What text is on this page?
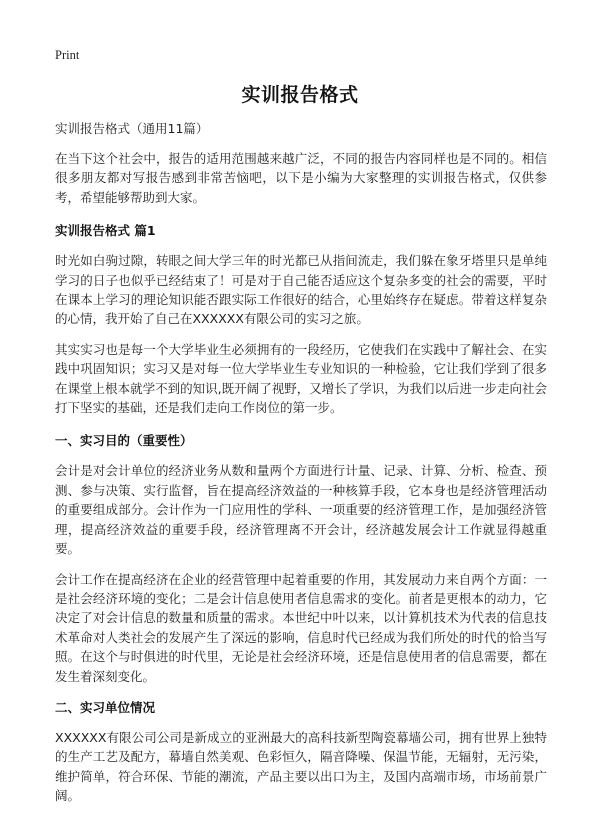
Print
实训报告格式
实训报告格式（通用11篇）

在当下这个社会中，报告的适用范围越来越广泛，不同的报告内容同样也是不同的。相信很多朋友都对写报告感到非常苦恼吧，以下是小编为大家整理的实训报告格式，仅供参考，希望能够帮助到大家。

实训报告格式 篇1

时光如白驹过隙，转眼之间大学三年的时光都已从指间流走，我们躲在象牙塔里只是单纯学习的日子也似乎已经结束了！可是对于自己能否适应这个复杂多变的社会的需要，平时在课本上学习的理论知识能否跟实际工作很好的结合，心里始终存在疑虑。带着这样复杂的心情，我开始了自己在XXXXXX有限公司的实习之旅。

其实实习也是每一个大学毕业生必须拥有的一段经历，它使我们在实践中了解社会、在实践中巩固知识；实习又是对每一位大学毕业生专业知识的一种检验，它让我们学到了很多在课堂上根本就学不到的知识,既开阔了视野，又增长了学识，为我们以后进一步走向社会打下坚实的基础，还是我们走向工作岗位的第一步。

一、实习目的（重要性）

会计是对会计单位的经济业务从数和量两个方面进行计量、记录、计算、分析、检查、预测、参与决策、实行监督，旨在提高经济效益的一种核算手段，它本身也是经济管理活动的重要组成部分。会计作为一门应用性的学科、一项重要的经济管理工作，是加强经济管理，提高经济效益的重要手段，经济管理离不开会计，经济越发展会计工作就显得越重要。

会计工作在提高经济在企业的经营管理中起着重要的作用，其发展动力来自两个方面：一是社会经济环境的变化；二是会计信息使用者信息需求的变化。前者是更根本的动力，它决定了对会计信息的数量和质量的需求。本世纪中叶以来，以计算机技术为代表的信息技术革命对人类社会的发展产生了深远的影响，信息时代已经成为我们所处的时代的恰当写照。在这个与时俱进的时代里，无论是社会经济环境，还是信息使用者的信息需要，都在发生着深刻变化。

二、实习单位情况

XXXXXX有限公司公司是新成立的亚洲最大的高科技新型陶瓷幕墙公司，拥有世界上独特的生产工艺及配方，幕墙自然美观、色彩恒久，隔音降噪、保温节能，无辐射，无污染，维护简单，符合环保、节能的潮流，产品主要以出口为主，及国内高端市场，市场前景广阔。
